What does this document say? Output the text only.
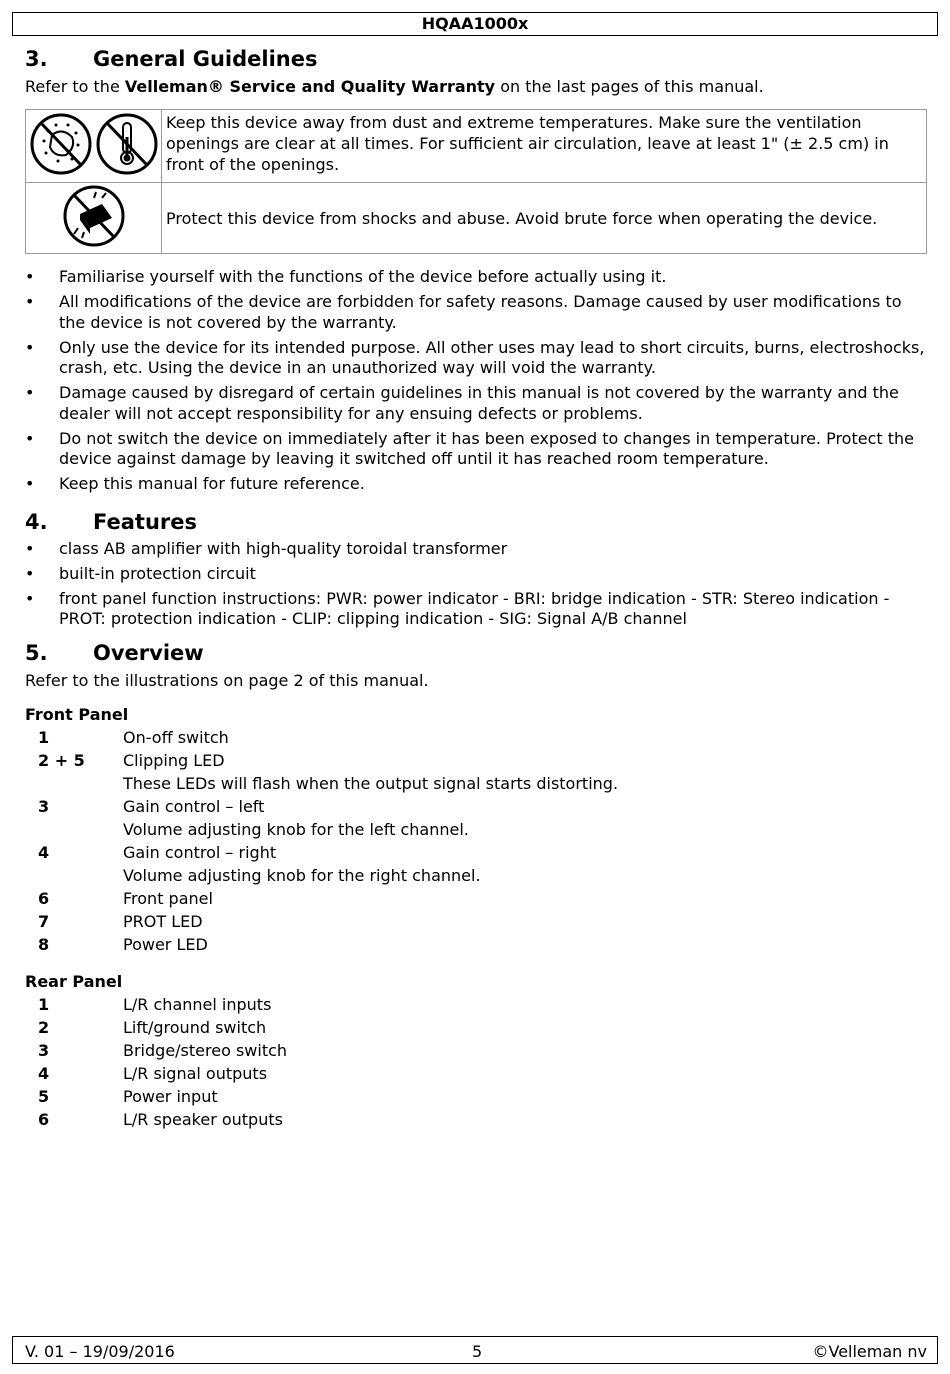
HQAA1000x
3. General Guidelines

Refer to the Velleman® Service and Quality Warranty on the last pages of this manual.

	Keep this device away from dust and extreme temperatures. Make sure the ventilation openings are clear at all times. For sufficient air circulation, leave at least 1" (± 2.5 cm) in front of the openings.
	Protect this device from shocks and abuse. Avoid brute force when operating the device.
• Familiarise yourself with the functions of the device before actually using it.
• All modifications of the device are forbidden for safety reasons. Damage caused by user modifications to the device is not covered by the warranty.
• Only use the device for its intended purpose. All other uses may lead to short circuits, burns, electroshocks, crash, etc. Using the device in an unauthorized way will void the warranty.
• Damage caused by disregard of certain guidelines in this manual is not covered by the warranty and the dealer will not accept responsibility for any ensuing defects or problems.
• Do not switch the device on immediately after it has been exposed to changes in temperature. Protect the device against damage by leaving it switched off until it has reached room temperature.
• Keep this manual for future reference.
4. Features
• class AB amplifier with high-quality toroidal transformer
• built-in protection circuit
• front panel function instructions: PWR: power indicator - BRI: bridge indication - STR: Stereo indication - PROT: protection indication - CLIP: clipping indication - SIG: Signal A/B channel
5. Overview

Refer to the illustrations on page 2 of this manual.

Front Panel
1	On-off switch
2 + 5	Clipping LED
These LEDs will flash when the output signal starts distorting.
3	Gain control – left
Volume adjusting knob for the left channel.
4	Gain control – right
Volume adjusting knob for the right channel.
6	Front panel
7	PROT LED
8	Power LED
Rear Panel
1	L/R channel inputs
2	Lift/ground switch
3	Bridge/stereo switch
4	L/R signal outputs
5	Power input
6	L/R speaker outputs
V. 01 – 19/09/2016	5	©Velleman nv
